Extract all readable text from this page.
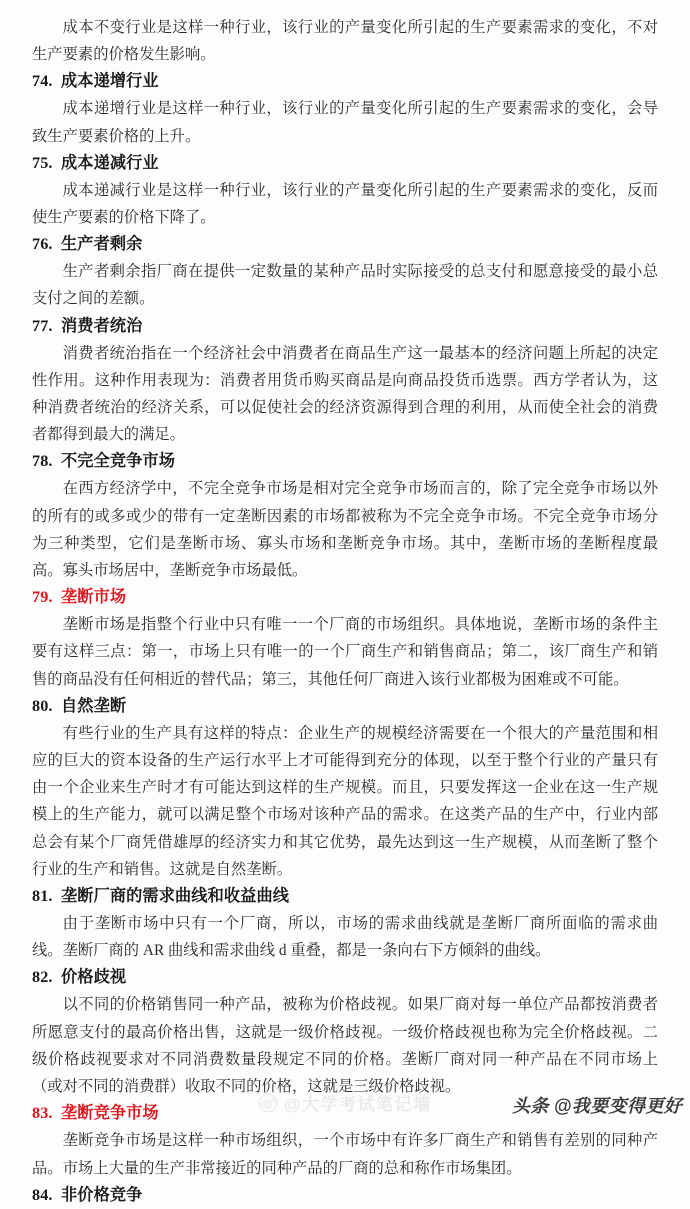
成本不变行业是这样一种行业，该行业的产量变化所引起的生产要素需求的变化，不对生产要素的价格发生影响。

74. 成本递增行业

成本递增行业是这样一种行业，该行业的产量变化所引起的生产要素需求的变化，会导致生产要素价格的上升。

75. 成本递减行业

成本递减行业是这样一种行业，该行业的产量变化所引起的生产要素需求的变化，反而使生产要素的价格下降了。

76. 生产者剩余

生产者剩余指厂商在提供一定数量的某种产品时实际接受的总支付和愿意接受的最小总支付之间的差额。

77. 消费者统治

消费者统治指在一个经济社会中消费者在商品生产这一最基本的经济问题上所起的决定性作用。这种作用表现为：消费者用货币购买商品是向商品投货币选票。西方学者认为，这种消费者统治的经济关系，可以促使社会的经济资源得到合理的利用，从而使全社会的消费者都得到最大的满足。

78. 不完全竞争市场

在西方经济学中，不完全竞争市场是相对完全竞争市场而言的，除了完全竞争市场以外的所有的或多或少的带有一定垄断因素的市场都被称为不完全竞争市场。不完全竞争市场分为三种类型，它们是垄断市场、寡头市场和垄断竞争市场。其中，垄断市场的垄断程度最高。寡头市场居中，垄断竞争市场最低。

79. 垄断市场

垄断市场是指整个行业中只有唯一一个厂商的市场组织。具体地说，垄断市场的条件主要有这样三点：第一，市场上只有唯一的一个厂商生产和销售商品；第二，该厂商生产和销售的商品没有任何相近的替代品；第三，其他任何厂商进入该行业都极为困难或不可能。

80. 自然垄断

有些行业的生产具有这样的特点：企业生产的规模经济需要在一个很大的产量范围和相应的巨大的资本设备的生产运行水平上才可能得到充分的体现，以至于整个行业的产量只有由一个企业来生产时才有可能达到这样的生产规模。而且，只要发挥这一企业在这一生产规模上的生产能力，就可以满足整个市场对该种产品的需求。在这类产品的生产中，行业内部总会有某个厂商凭借雄厚的经济实力和其它优势，最先达到这一生产规模，从而垄断了整个行业的生产和销售。这就是自然垄断。

81. 垄断厂商的需求曲线和收益曲线

由于垄断市场中只有一个厂商，所以，市场的需求曲线就是垄断厂商所面临的需求曲线。垄断厂商的 AR 曲线和需求曲线 d 重叠，都是一条向右下方倾斜的曲线。

82. 价格歧视

以不同的价格销售同一种产品，被称为价格歧视。如果厂商对每一单位产品都按消费者所愿意支付的最高价格出售，这就是一级价格歧视。一级价格歧视也称为完全价格歧视。二级价格歧视要求对不同消费数量段规定不同的价格。垄断厂商对同一种产品在不同市场上（或对不同的消费群）收取不同的价格，这就是三级价格歧视。

83. 垄断竞争市场

垄断竞争市场是这样一种市场组织，一个市场中有许多厂商生产和销售有差别的同种产品。市场上大量的生产非常接近的同种产品的厂商的总和称作市场集团。

84. 非价格竞争
@大学考试笔记墙	头条 @我要变得更好
